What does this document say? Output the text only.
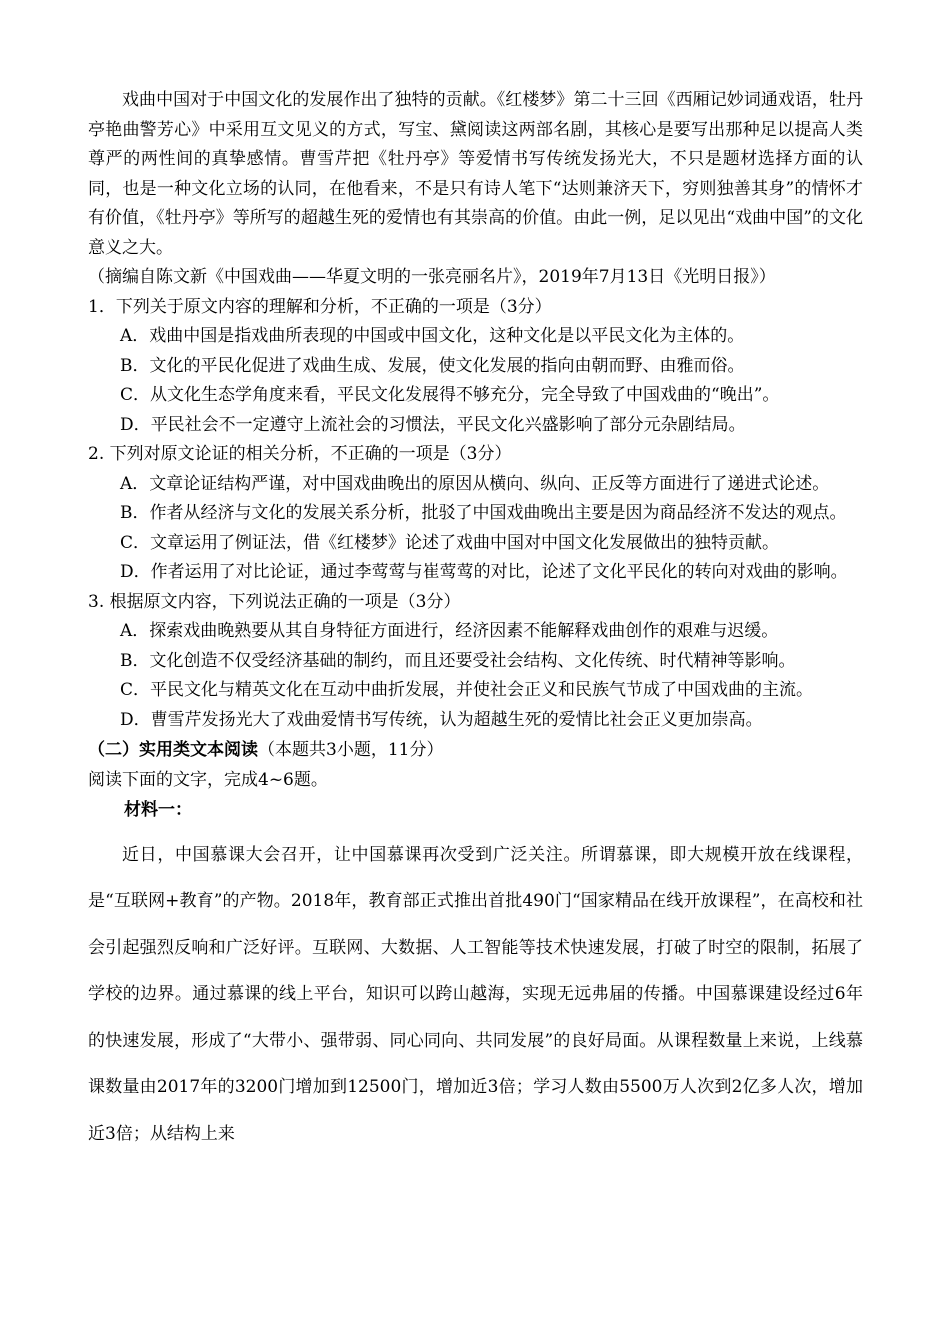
戏曲中国对于中国文化的发展作出了独特的贡献。《红楼梦》第二十三回《西厢记妙词通戏语，牡丹亭艳曲警芳心》中采用互文见义的方式，写宝、黛阅读这两部名剧，其核心是要写出那种足以提高人类尊严的两性间的真挚感情。曹雪芹把《牡丹亭》等爱情书写传统发扬光大，不只是题材选择方面的认同，也是一种文化立场的认同，在他看来，不是只有诗人笔下“达则兼济天下，穷则独善其身”的情怀才有价值，《牡丹亭》等所写的超越生死的爱情也有其崇高的价值。由此一例，足以见出“戏曲中国”的文化意义之大。
（摘编自陈文新《中国戏曲——华夏文明的一张亮丽名片》，2019年7月13日《光明日报》）
1．下列关于原文内容的理解和分析，不正确的一项是（3分）
A．戏曲中国是指戏曲所表现的中国或中国文化，这种文化是以平民文化为主体的。
B．文化的平民化促进了戏曲生成、发展，使文化发展的指向由朝而野、由雅而俗。
C．从文化生态学角度来看，平民文化发展得不够充分，完全导致了中国戏曲的“晚出”。
D．平民社会不一定遵守上流社会的习惯法，平民文化兴盛影响了部分元杂剧结局。
2. 下列对原文论证的相关分析，不正确的一项是（3分）
A．文章论证结构严谨，对中国戏曲晚出的原因从横向、纵向、正反等方面进行了递进式论述。
B．作者从经济与文化的发展关系分析，批驳了中国戏曲晚出主要是因为商品经济不发达的观点。
C．文章运用了例证法，借《红楼梦》论述了戏曲中国对中国文化发展做出的独特贡献。
D．作者运用了对比论证，通过李莺莺与崔莺莺的对比，论述了文化平民化的转向对戏曲的影响。
3. 根据原文内容，下列说法正确的一项是（3分）
A．探索戏曲晚熟要从其自身特征方面进行，经济因素不能解释戏曲创作的艰难与迟缓。
B．文化创造不仅受经济基础的制约，而且还要受社会结构、文化传统、时代精神等影响。
C．平民文化与精英文化在互动中曲折发展，并使社会正义和民族气节成了中国戏曲的主流。
D．曹雪芹发扬光大了戏曲爱情书写传统，认为超越生死的爱情比社会正义更加崇高。
（二）实用类文本阅读（本题共3小题，11分）
阅读下面的文字，完成4~6题。
材料一：
近日，中国慕课大会召开，让中国慕课再次受到广泛关注。所谓慕课，即大规模开放在线课程，是“互联网+教育”的产物。2018年，教育部正式推出首批490门“国家精品在线开放课程”，在高校和社会引起强烈反响和广泛好评。互联网、大数据、人工智能等技术快速发展，打破了时空的限制，拓展了学校的边界。通过慕课的线上平台，知识可以跨山越海，实现无远弗届的传播。中国慕课建设经过6年的快速发展，形成了“大带小、强带弱、同心同向、共同发展”的良好局面。从课程数量上来说，上线慕课数量由2017年的3200门增加到12500门，增加近3倍；学习人数由5500万人次到2亿多人次，增加近3倍；从结构上来
